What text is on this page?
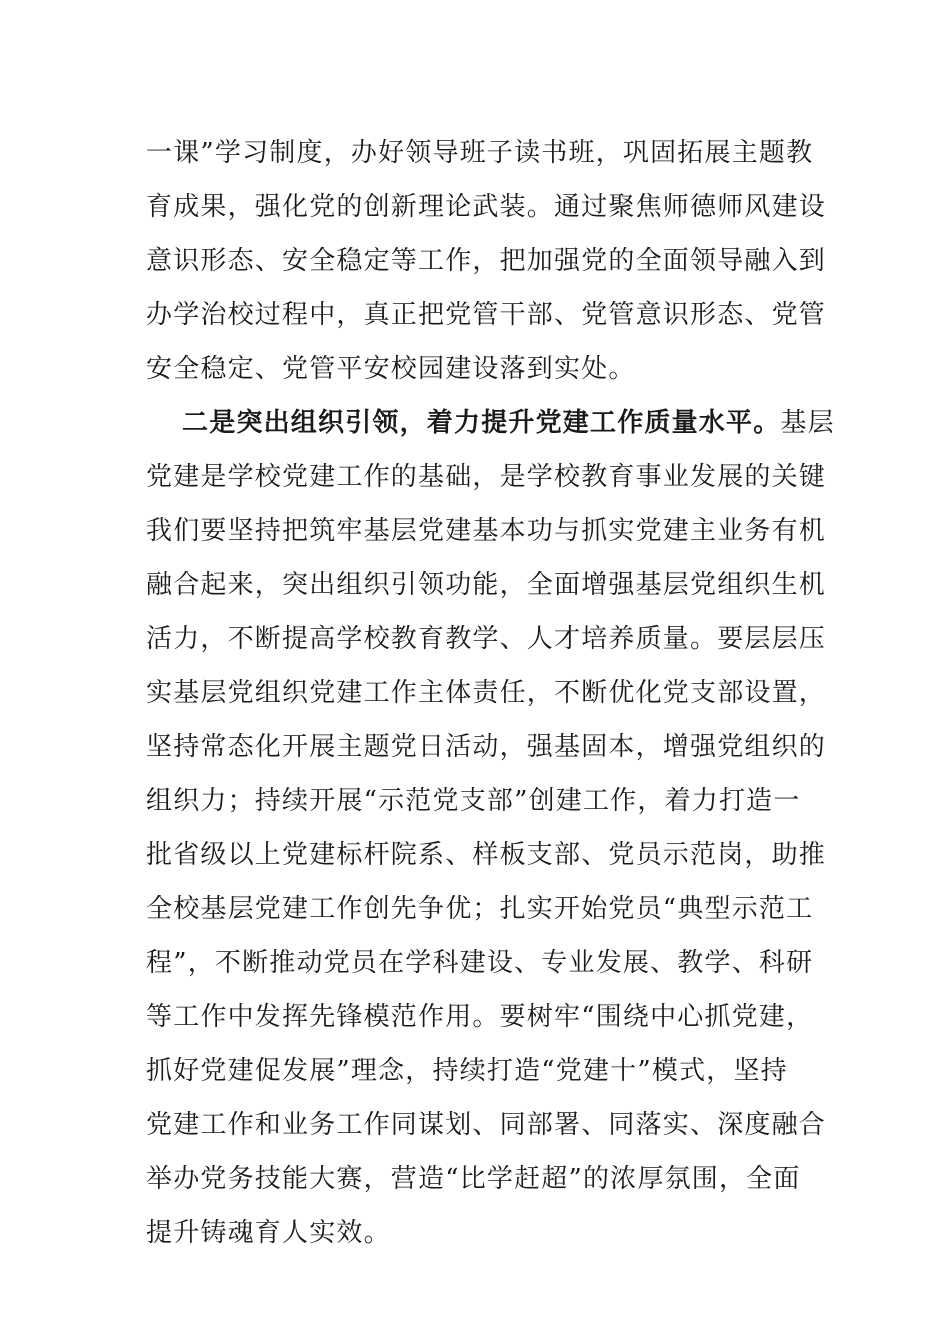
一课”学习制度，办好领导班子读书班，巩固拓展主题教
育成果，强化党的创新理论武装。通过聚焦师德师风建设
意识形态、安全稳定等工作，把加强党的全面领导融入到
办学治校过程中，真正把党管干部、党管意识形态、党管
安全稳定、党管平安校园建设落到实处。
二是突出组织引领，着力提升党建工作质量水平。基层
党建是学校党建工作的基础，是学校教育事业发展的关键
我们要坚持把筑牢基层党建基本功与抓实党建主业务有机
融合起来，突出组织引领功能，全面增强基层党组织生机
活力，不断提高学校教育教学、人才培养质量。要层层压
实基层党组织党建工作主体责任，不断优化党支部设置，
坚持常态化开展主题党日活动，强基固本，增强党组织的
组织力；持续开展“示范党支部”创建工作，着力打造一
批省级以上党建标杆院系、样板支部、党员示范岗，助推
全校基层党建工作创先争优；扎实开始党员“典型示范工
程”，不断推动党员在学科建设、专业发展、教学、科研
等工作中发挥先锋模范作用。要树牢“围绕中心抓党建，
抓好党建促发展”理念，持续打造“党建十”模式，坚持
党建工作和业务工作同谋划、同部署、同落实、深度融合
举办党务技能大赛，营造“比学赶超”的浓厚氛围，全面
提升铸魂育人实效。
